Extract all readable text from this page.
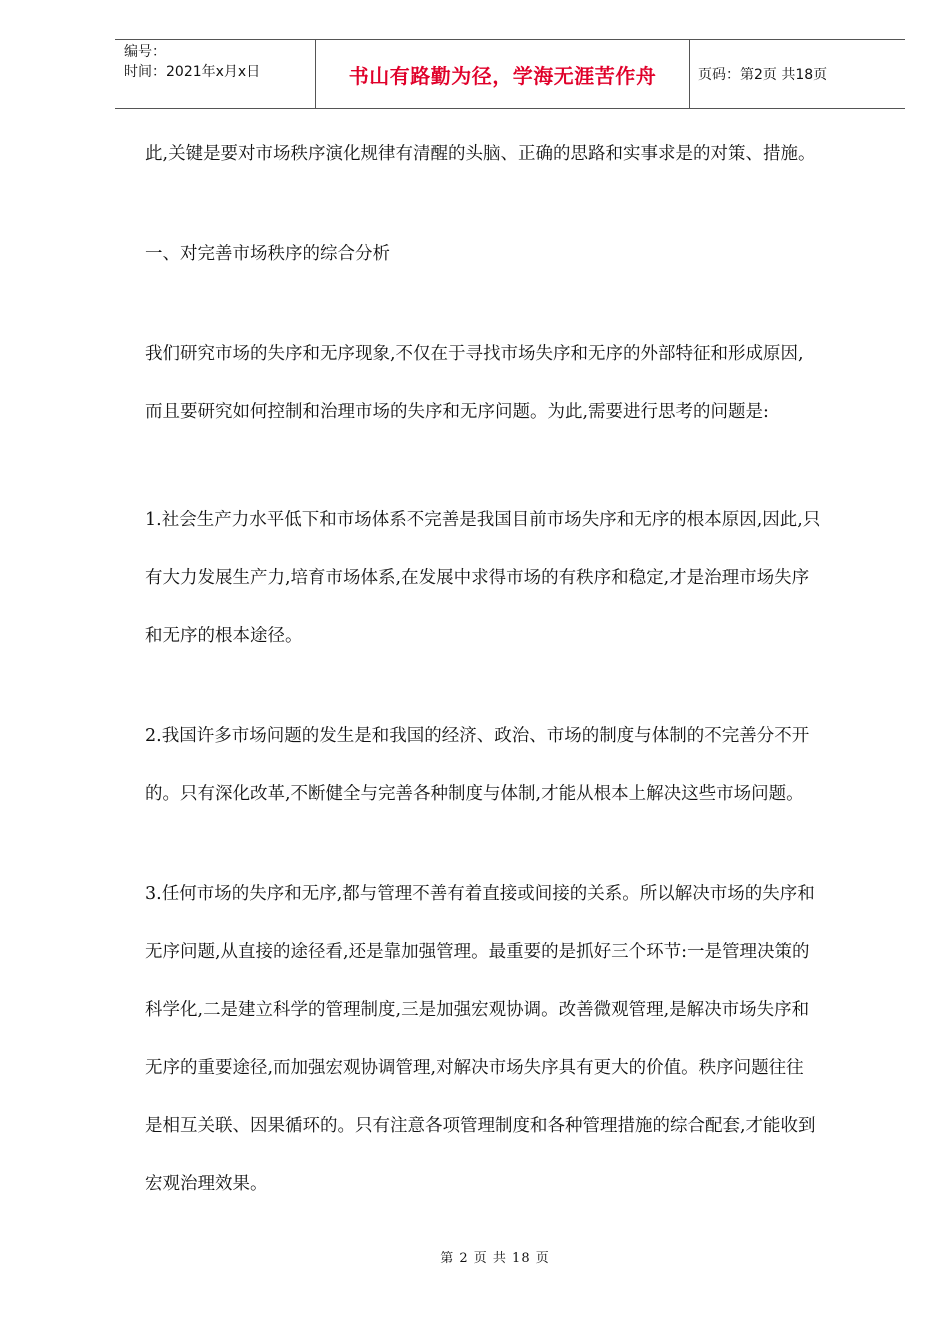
编号：
时间：2021年x月x日	书山有路勤为径，学海无涯苦作舟	页码：第2页 共18页

此,关键是要对市场秩序演化规律有清醒的头脑、正确的思路和实事求是的对策、措施。

一、对完善市场秩序的综合分析

我们研究市场的失序和无序现象,不仅在于寻找市场失序和无序的外部特征和形成原因,

而且要研究如何控制和治理市场的失序和无序问题。为此,需要进行思考的问题是:

1.社会生产力水平低下和市场体系不完善是我国目前市场失序和无序的根本原因,因此,只

有大力发展生产力,培育市场体系,在发展中求得市场的有秩序和稳定,才是治理市场失序

和无序的根本途径。

2.我国许多市场问题的发生是和我国的经济、政治、市场的制度与体制的不完善分不开

的。只有深化改革,不断健全与完善各种制度与体制,才能从根本上解决这些市场问题。

3.任何市场的失序和无序,都与管理不善有着直接或间接的关系。所以解决市场的失序和

无序问题,从直接的途径看,还是靠加强管理。最重要的是抓好三个环节:一是管理决策的

科学化,二是建立科学的管理制度,三是加强宏观协调。改善微观管理,是解决市场失序和

无序的重要途径,而加强宏观协调管理,对解决市场失序具有更大的价值。秩序问题往往

是相互关联、因果循环的。只有注意各项管理制度和各种管理措施的综合配套,才能收到

宏观治理效果。

第 2 页 共 18 页
